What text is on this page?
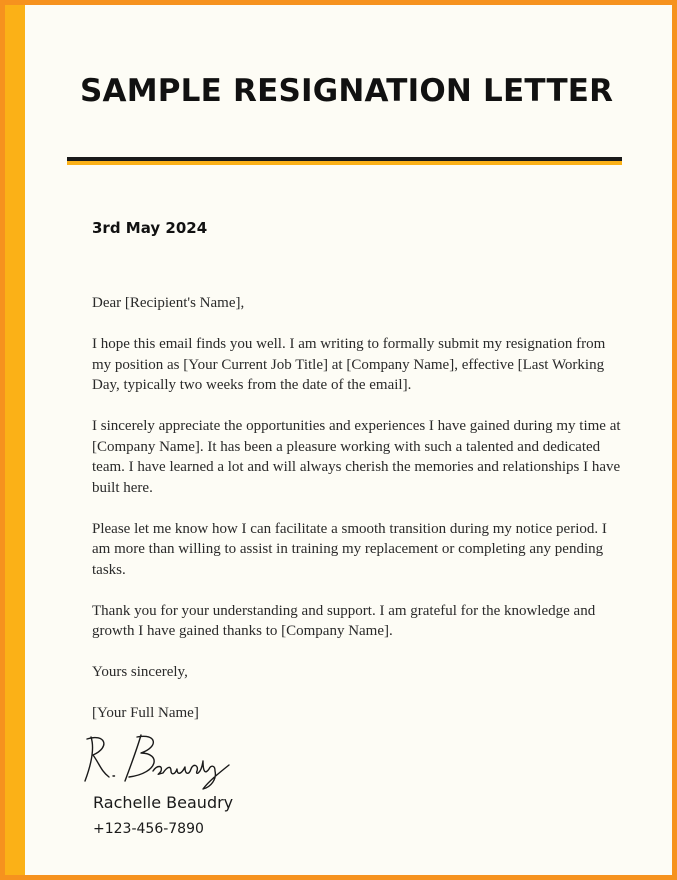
SAMPLE RESIGNATION LETTER
3rd May 2024

Dear [Recipient's Name],

I hope this email finds you well. I am writing to formally submit my resignation from my position as [Your Current Job Title] at [Company Name], effective [Last Working Day, typically two weeks from the date of the email].

I sincerely appreciate the opportunities and experiences I have gained during my time at [Company Name]. It has been a pleasure working with such a talented and dedicated team. I have learned a lot and will always cherish the memories and relationships I have built here.

Please let me know how I can facilitate a smooth transition during my notice period. I am more than willing to assist in training my replacement or completing any pending tasks.

Thank you for your understanding and support. I am grateful for the knowledge and growth I have gained thanks to [Company Name].

Yours sincerely,

[Your Full Name]

Rachelle Beaudry
+123-456-7890
